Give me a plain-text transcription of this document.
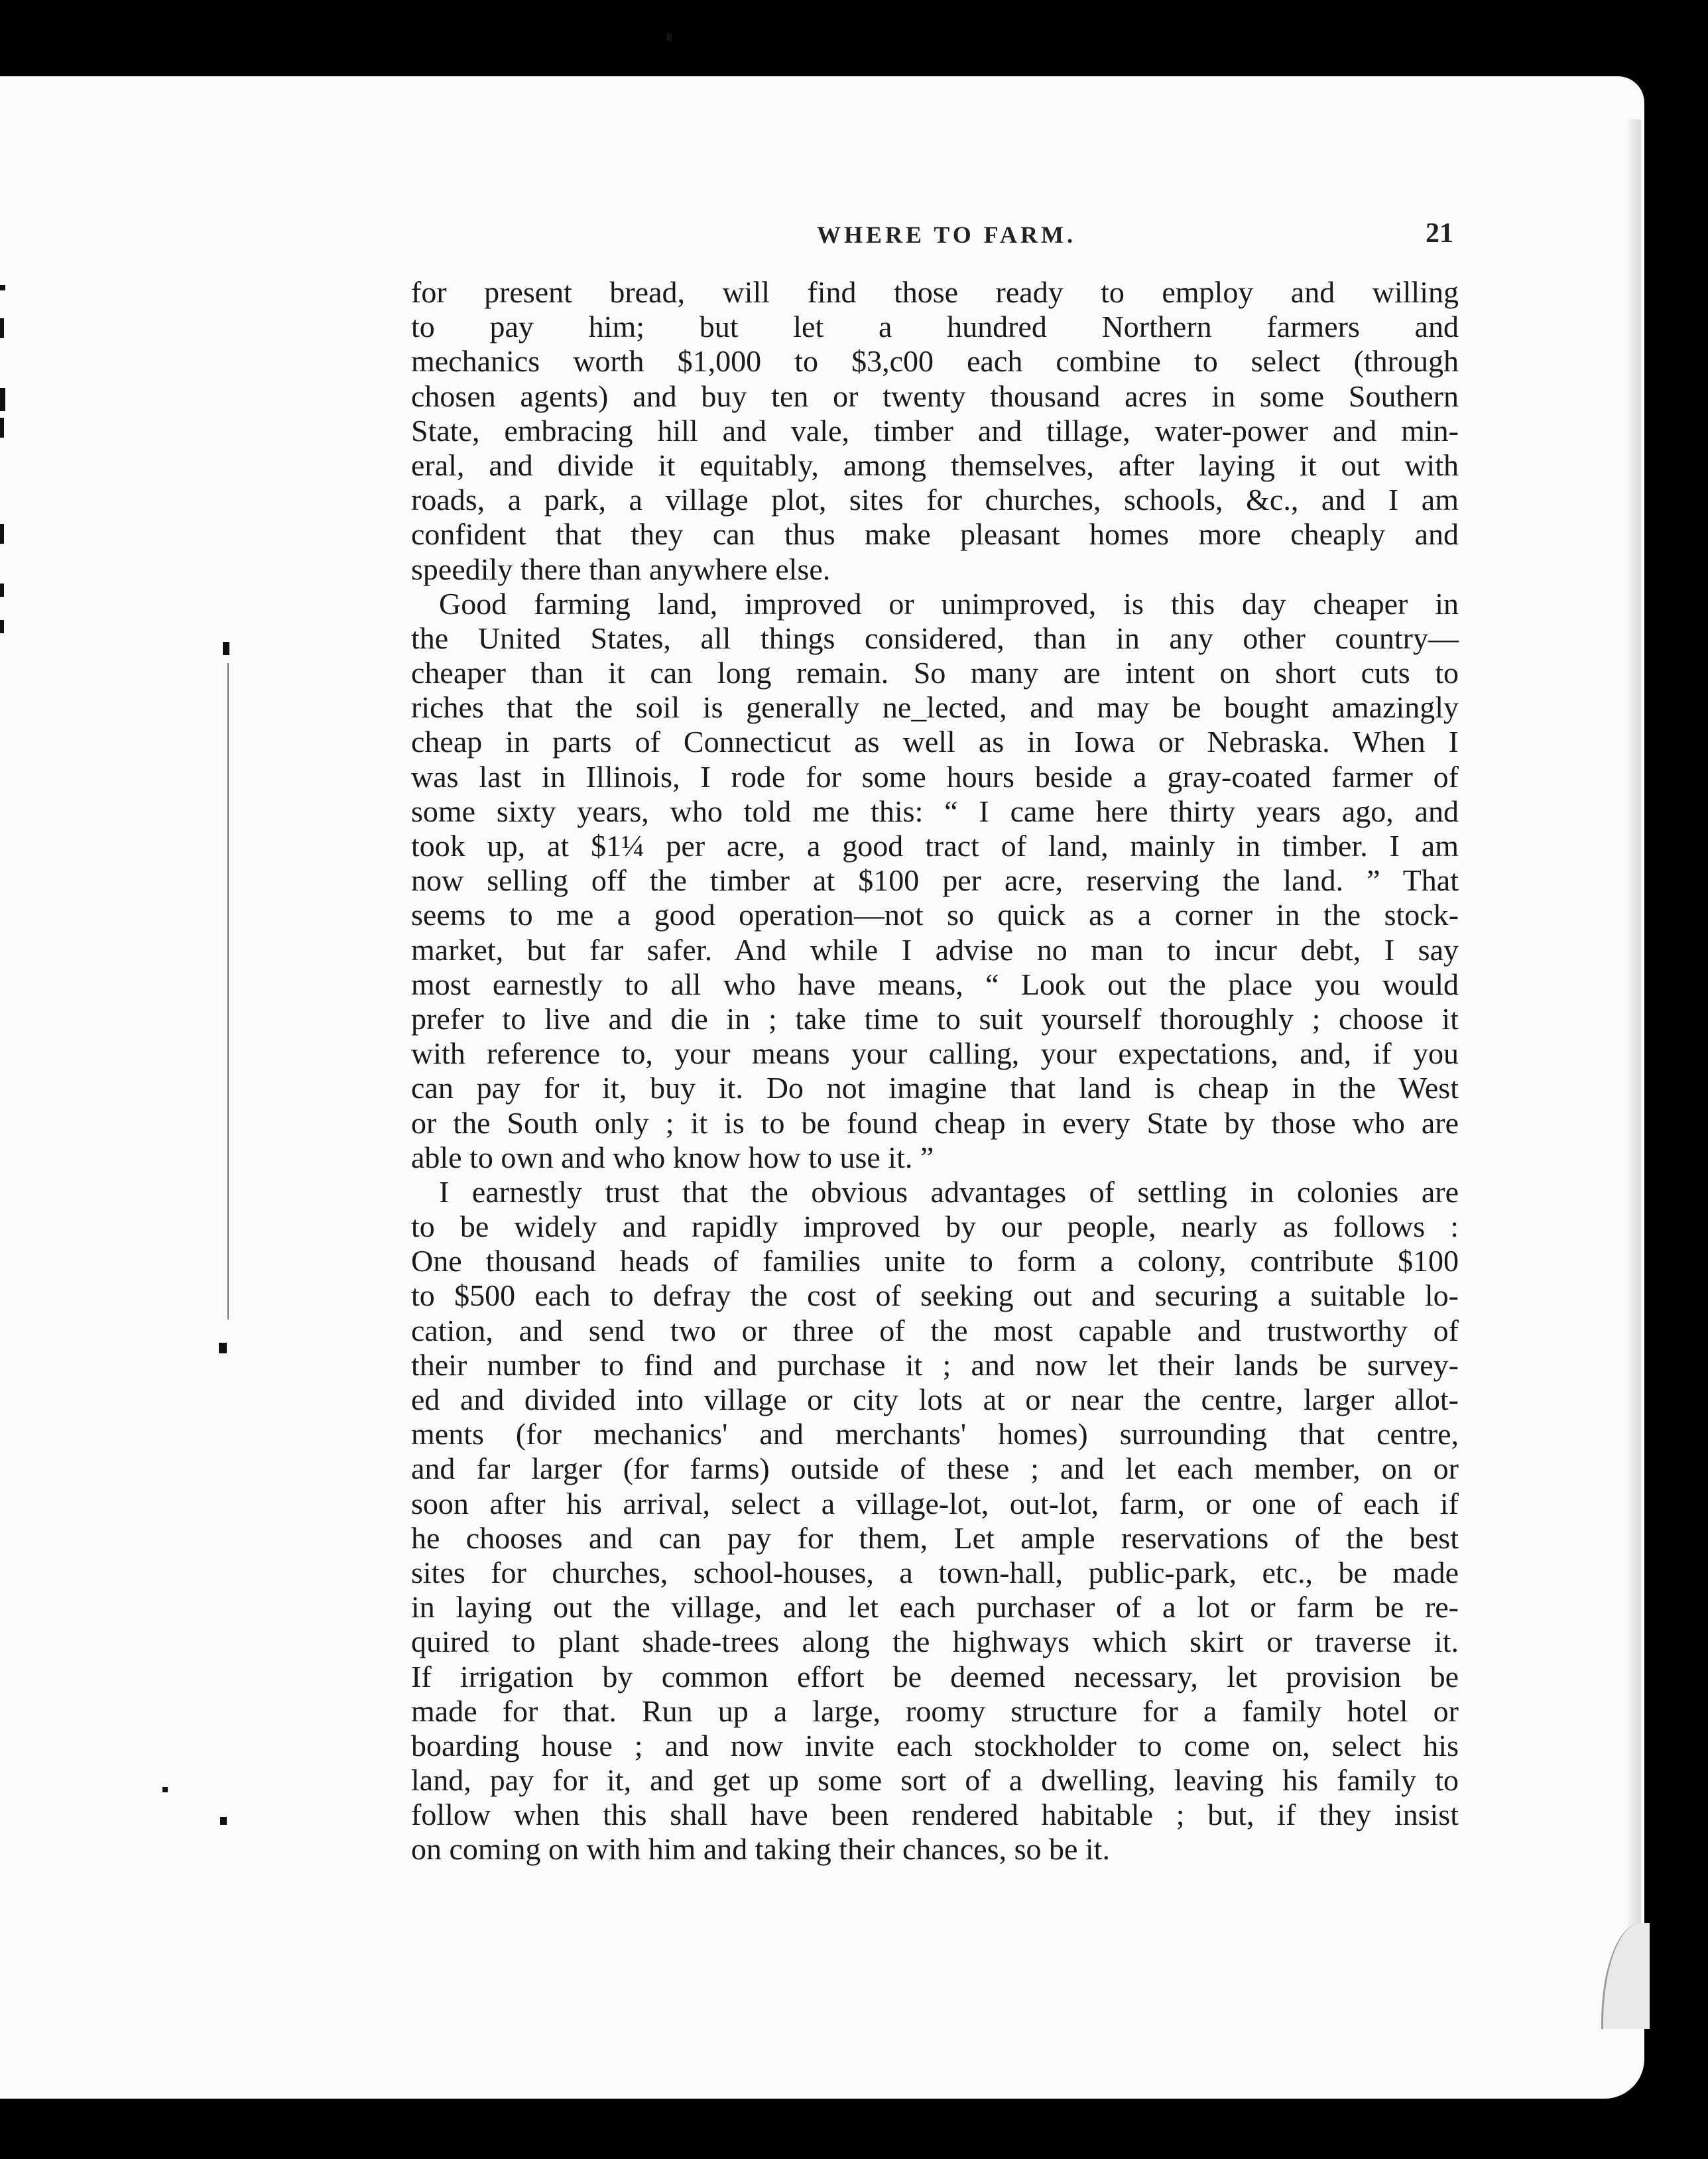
WHERE TO FARM.	21
for present bread, will find those ready to employ and willing
to pay him; but let a hundred Northern farmers and
mechanics worth $1,000 to $3,c00 each combine to select (through
chosen agents) and buy ten or twenty thousand acres in some Southern
State, embracing hill and vale, timber and tillage, water-power and min-
eral, and divide it equitably, among themselves, after laying it out with
roads, a park, a village plot, sites for churches, schools, &c., and I am
confident that they can thus make pleasant homes more cheaply and
speedily there than anywhere else.
Good farming land, improved or unimproved, is this day cheaper in
the United States, all things considered, than in any other country—
cheaper than it can long remain. So many are intent on short cuts to
riches that the soil is generally ne_lected, and may be bought amazingly
cheap in parts of Connecticut as well as in Iowa or Nebraska. When I
was last in Illinois, I rode for some hours beside a gray-coated farmer of
some sixty years, who told me this: “ I came here thirty years ago, and
took up, at $1¼ per acre, a good tract of land, mainly in timber. I am
now selling off the timber at $100 per acre, reserving the land. ” That
seems to me a good operation—not so quick as a corner in the stock-
market, but far safer. And while I advise no man to incur debt, I say
most earnestly to all who have means, “ Look out the place you would
prefer to live and die in ; take time to suit yourself thoroughly ; choose it
with reference to, your means your calling, your expectations, and, if you
can pay for it, buy it. Do not imagine that land is cheap in the West
or the South only ; it is to be found cheap in every State by those who are
able to own and who know how to use it. ”
I earnestly trust that the obvious advantages of settling in colonies are
to be widely and rapidly improved by our people, nearly as follows :
One thousand heads of families unite to form a colony, contribute $100
to $500 each to defray the cost of seeking out and securing a suitable lo-
cation, and send two or three of the most capable and trustworthy of
their number to find and purchase it ; and now let their lands be survey-
ed and divided into village or city lots at or near the centre, larger allot-
ments (for mechanics' and merchants' homes) surrounding that centre,
and far larger (for farms) outside of these ; and let each member, on or
soon after his arrival, select a village-lot, out-lot, farm, or one of each if
he chooses and can pay for them, Let ample reservations of the best
sites for churches, school-houses, a town-hall, public-park, etc., be made
in laying out the village, and let each purchaser of a lot or farm be re-
quired to plant shade-trees along the highways which skirt or traverse it.
If irrigation by common effort be deemed necessary, let provision be
made for that. Run up a large, roomy structure for a family hotel or
boarding house ; and now invite each stockholder to come on, select his
land, pay for it, and get up some sort of a dwelling, leaving his family to
follow when this shall have been rendered habitable ; but, if they insist
on coming on with him and taking their chances, so be it.
